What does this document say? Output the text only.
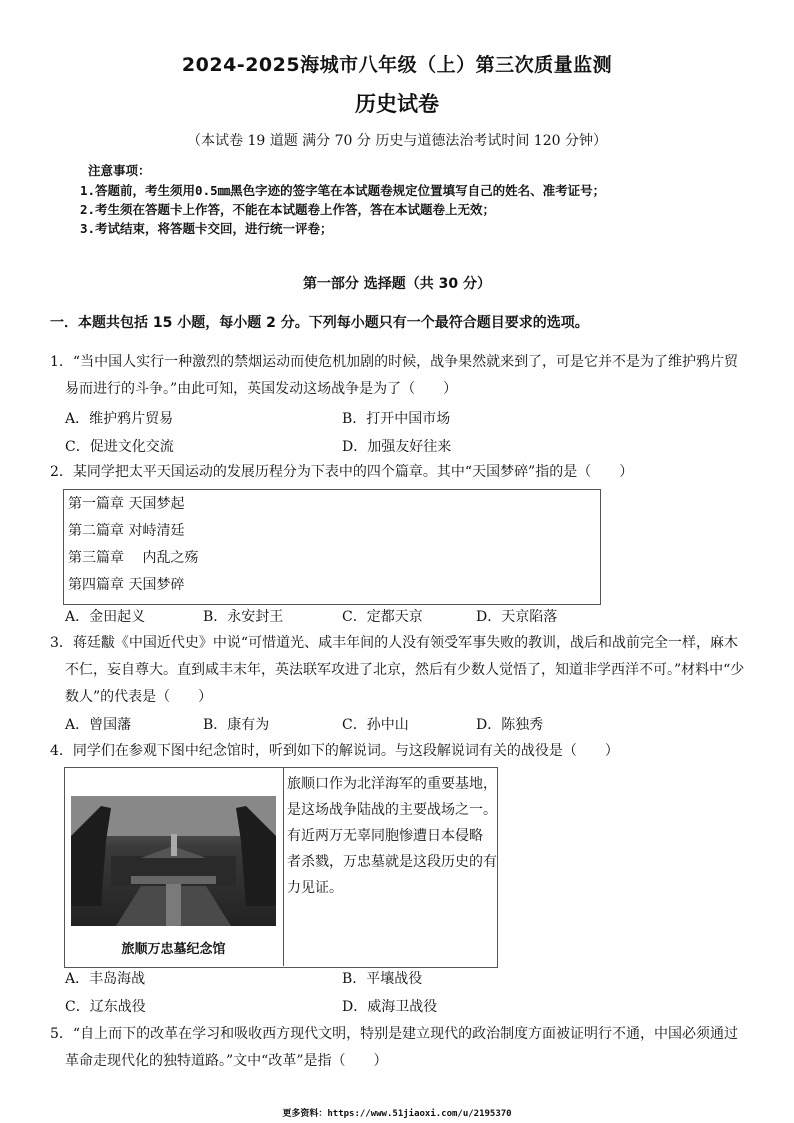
2024-2025海城市八年级（上）第三次质量监测
历史试卷
（本试卷 19 道题 满分 70 分 历史与道德法治考试时间 120 分钟）
注意事项：
1.答题前，考生须用0.5㎜黑色字迹的签字笔在本试题卷规定位置填写自己的姓名、准考证号；
2.考生须在答题卡上作答，不能在本试题卷上作答，答在本试题卷上无效；
3.考试结束，将答题卡交回，进行统一评卷；
第一部分 选择题（共 30 分）
一．本题共包括 15 小题，每小题 2 分。下列每小题只有一个最符合题目要求的选项。
1．“当中国人实行一种激烈的禁烟运动而使危机加剧的时候，战争果然就来到了，可是它并不是为了维护鸦片贸
易而进行的斗争。”由此可知，英国发动这场战争是为了（　　）
A．维护鸦片贸易	B．打开中国市场
C．促进文化交流	D．加强友好往来
2．某同学把太平天国运动的发展历程分为下表中的四个篇章。其中“天国梦碎”指的是（　　）
第一篇章 天国梦起
第二篇章 对峙清廷
第三篇章　 内乱之殇
第四篇章 天国梦碎
A．金田起义	B．永安封王	C．定都天京	D．天京陷落
3．蒋廷黻《中国近代史》中说“可惜道光、咸丰年间的人没有领受军事失败的教训，战后和战前完全一样，麻木
不仁，妄自尊大。直到咸丰末年，英法联军攻进了北京，然后有少数人觉悟了，知道非学西洋不可。”材料中“少
数人”的代表是（　　）
A．曾国藩	B．康有为	C．孙中山	D．陈独秀
4．同学们在参观下图中纪念馆时，听到如下的解说词。与这段解说词有关的战役是（　　）
旅顺万忠墓纪念馆
旅顺口作为北洋海军的重要基地，
是这场战争陆战的主要战场之一。
有近两万无辜同胞惨遭日本侵略
者杀戮，万忠墓就是这段历史的有
力见证。
A．丰岛海战	B．平壤战役
C．辽东战役	D．威海卫战役
5．“自上而下的改革在学习和吸收西方现代文明，特别是建立现代的政治制度方面被证明行不通，中国必须通过
革命走现代化的独特道路。”文中“改革”是指（　　）
更多资料：https://www.51jiaoxi.com/u/2195370
